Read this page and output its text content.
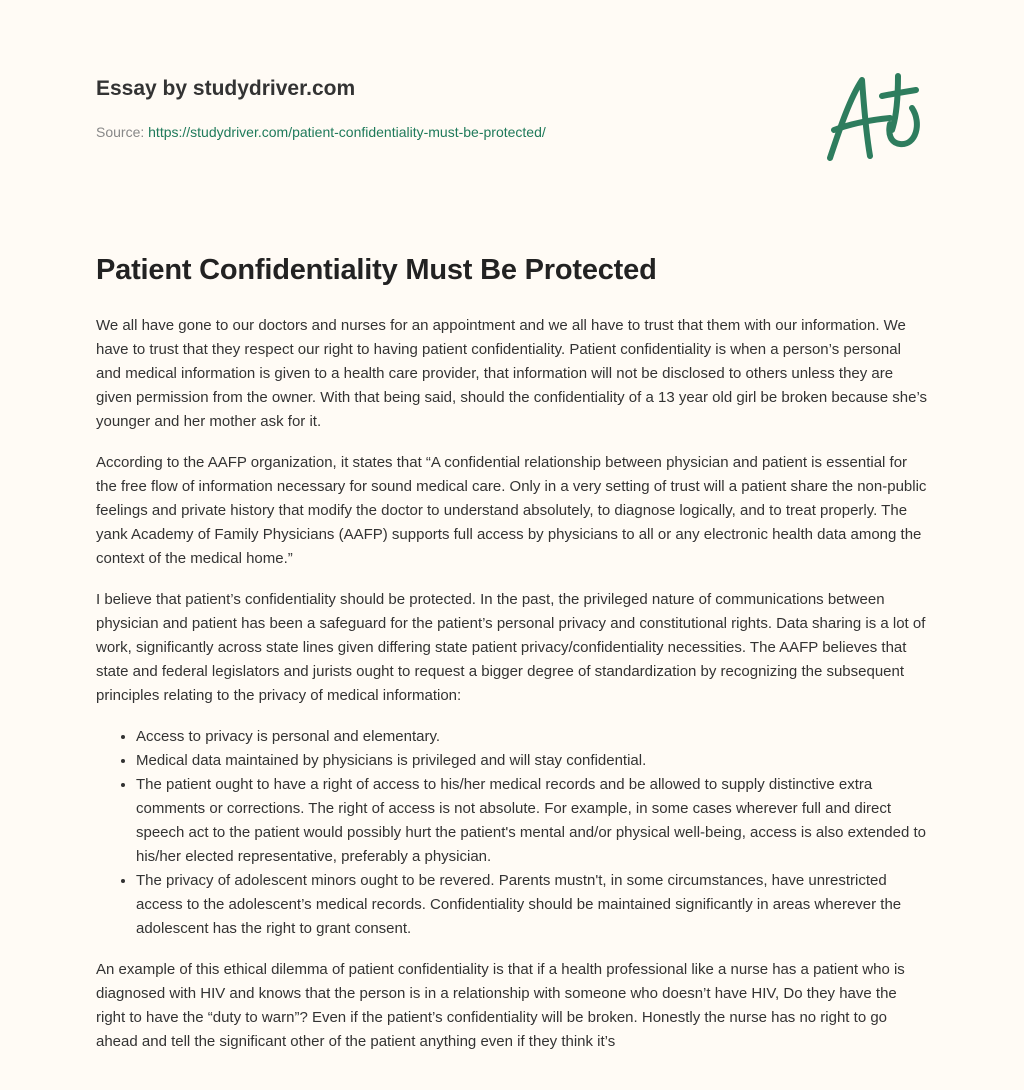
Essay by studydriver.com
Source: https://studydriver.com/patient-confidentiality-must-be-protected/
Patient Confidentiality Must Be Protected

We all have gone to our doctors and nurses for an appointment and we all have to trust that them with our information. We have to trust that they respect our right to having patient confidentiality. Patient confidentiality is when a person’s personal and medical information is given to a health care provider, that information will not be disclosed to others unless they are given permission from the owner. With that being said, should the confidentiality of a 13 year old girl be broken because she’s younger and her mother ask for it.

According to the AAFP organization, it states that “A confidential relationship between physician and patient is essential for the free flow of information necessary for sound medical care. Only in a very setting of trust will a patient share the non-public feelings and private history that modify the doctor to understand absolutely, to diagnose logically, and to treat properly. The yank Academy of Family Physicians (AAFP) supports full access by physicians to all or any electronic health data among the context of the medical home.”

I believe that patient’s confidentiality should be protected. In the past, the privileged nature of communications between physician and patient has been a safeguard for the patient’s personal privacy and constitutional rights. Data sharing is a lot of work, significantly across state lines given differing state patient privacy/confidentiality necessities. The AAFP believes that state and federal legislators and jurists ought to request a bigger degree of standardization by recognizing the subsequent principles relating to the privacy of medical information:

• Access to privacy is personal and elementary.
• Medical data maintained by physicians is privileged and will stay confidential.
• The patient ought to have a right of access to his/her medical records and be allowed to supply distinctive extra comments or corrections. The right of access is not absolute. For example, in some cases wherever full and direct speech act to the patient would possibly hurt the patient's mental and/or physical well-being, access is also extended to his/her elected representative, preferably a physician.
• The privacy of adolescent minors ought to be revered. Parents mustn't, in some circumstances, have unrestricted access to the adolescent’s medical records. Confidentiality should be maintained significantly in areas wherever the adolescent has the right to grant consent.

An example of this ethical dilemma of patient confidentiality is that if a health professional like a nurse has a patient who is diagnosed with HIV and knows that the person is in a relationship with someone who doesn’t have HIV, Do they have the right to have the “duty to warn”? Even if the patient’s confidentiality will be broken. Honestly the nurse has no right to go ahead and tell the significant other of the patient anything even if they think it’s
